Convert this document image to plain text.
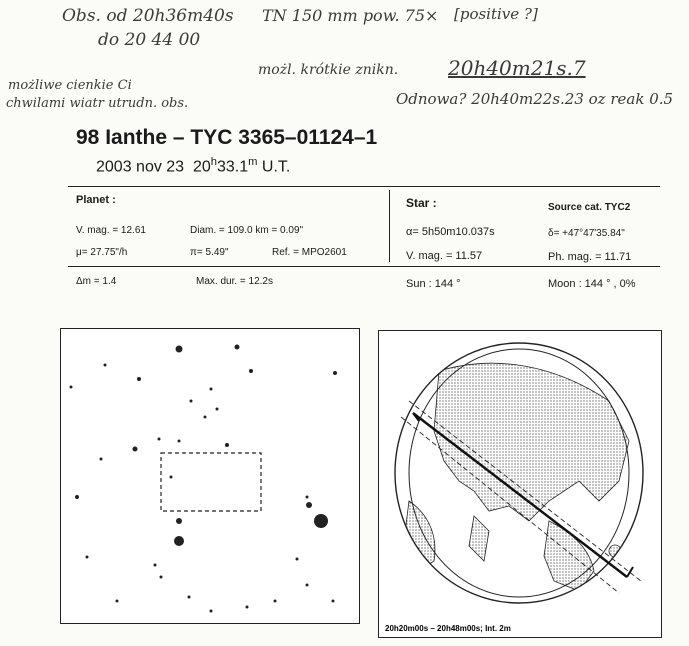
Obs. od 20h36m40s
do 20 44 00
TN 150 mm pow. 75× [positive ?]
możliwe cienkie Ci
chwilami wiatr utrudn. obs.
możl. krótkie znikn. 20h40m21s.7
Odnowa? 20h40m22s.23 oz reak 0.5
98 Ianthe – TYC 3365–01124–1
2003 nov 23 20$^h$33.1$^m$ U.T.
Planet :
V. mag. = 12.61	Diam. = 109.0 km = 0.09"
μ= 27.75"/h	π= 5.49"	Ref. = MPO2601
Star :	Source cat. TYC2
α= 5h50m10.037s	δ= +47°47'35.84"
V. mag. = 11.57	Ph. mag. = 11.71
Δm = 1.4	Max. dur. = 12.2s	Sun : 144 °	Moon : 144 ° , 0%
20h20m00s – 20h48m00s; Int. 2m
